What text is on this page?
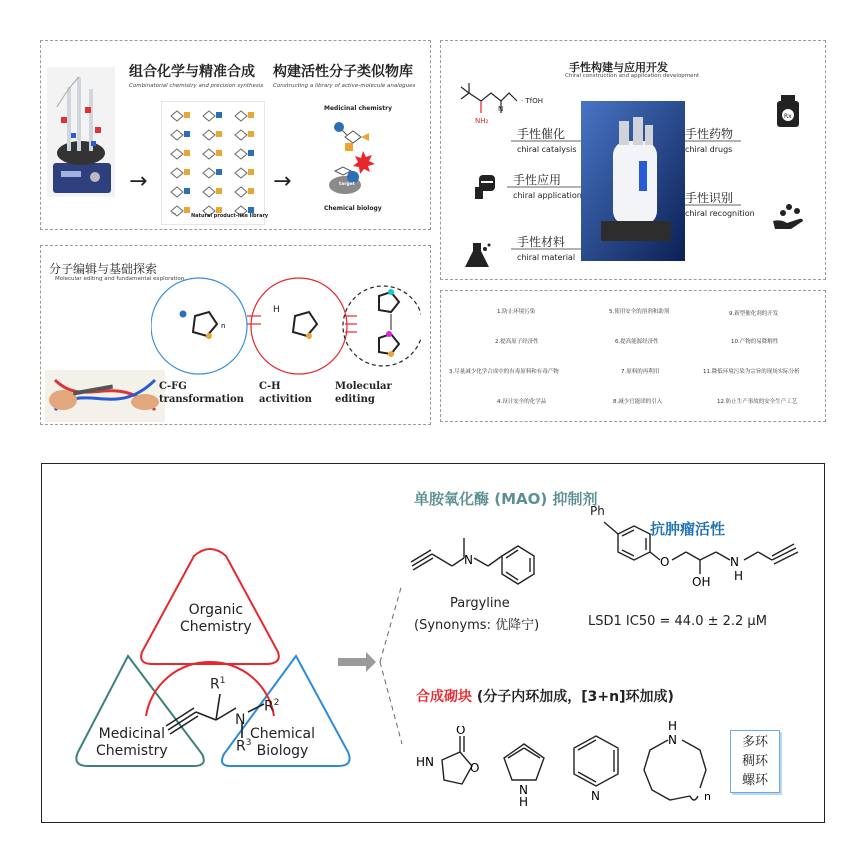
组合化学与精准合成
Combinatorial chemistry and precision synthesis
构建活性分子类似物库
Constructing a library of active-molecule analogues
→	→
...	Natural product-like library
Medicinal chemistry
target
Chemical biology
手性构建与应用开发
Chiral construction and application development
NH₂
N
· TfOH
手性催化
chiral catalysis
手性应用
chiral application
手性材料
chiral material
手性药物
chiral drugs
手性识别
chiral recognition
Rx
分子编辑与基础探索
Molecular editing and fundamental exploration
n
H
C-FG
transformation
C-H
activition
Molecular
editing
1.防止环境污染	5.使用安全的溶剂和助剂	9.新型催化剂的开发
2.提高原子经济性	6.提高能源经济性	10.产物的易降解性
3.尽量减少化学合成中的有毒原料和有毒产物	7.原料的再利用	11.降低环境污染为宗旨的现场实际分析
4.设计安全的化学品	8.减少官能团的引入	12.防止生产事故的安全生产工艺
Organic
Chemistry
Medicinal
Chemistry
Chemical
Biology
$R^1$
N
$R^2$
$R^3$
单胺氧化酶 (MAO) 抑制剂
抗肿瘤活性
N
Pargyline
(Synonyms: 优降宁)
O
OH
N
H
Ph
LSD1 IC50 = 44.0 ± 2.2 μM
合成砌块 (分子内环加成，[3+n]环加成)
HN
O
O
N
H	N
H
N
n
多环
稠环
螺环
